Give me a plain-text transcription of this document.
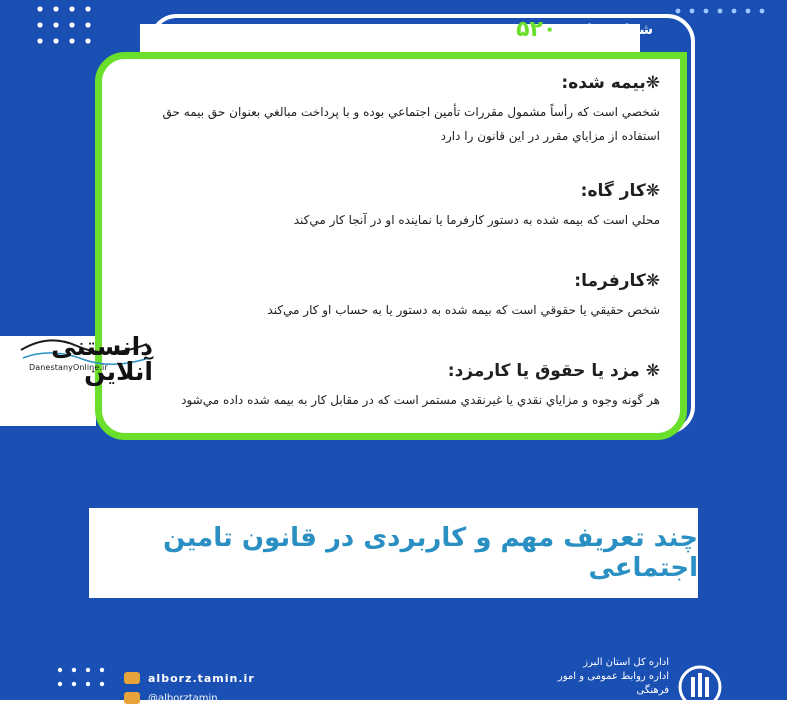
شماره پیام :
۵۲۰

❋بیمه شده:

شخصي است که رأساً مشمول مقررات تأمين اجتماعي بوده و با پرداخت مبالغي بعنوان حق بيمه حق استفاده از مزاياي مقرر در اين قانون را دارد

❋کار گاه:

محلي است که بيمه شده به دستور کارفرما يا نماينده او در آنجا کار مي‌کند

❋کارفرما:

شخص حقيقي يا حقوقي است که بيمه شده به دستور يا به حساب او کار مي‌کند

❋ مزد یا حقوق یا کارمزد:

هر گونه وجوه و مزاياي نقدي يا غيرنقدي مستمر است که در مقابل کار به بيمه شده داده مي‌شود

دانستنی آنلاین
DanestanyOnline.ir
چند تعریف مهم و کاربردی در قانون تامین اجتماعی
alborz.tamin.ir
@alborztamin
اداره کل استان البرز
اداره روابط عمومی و امور فرهنگی
